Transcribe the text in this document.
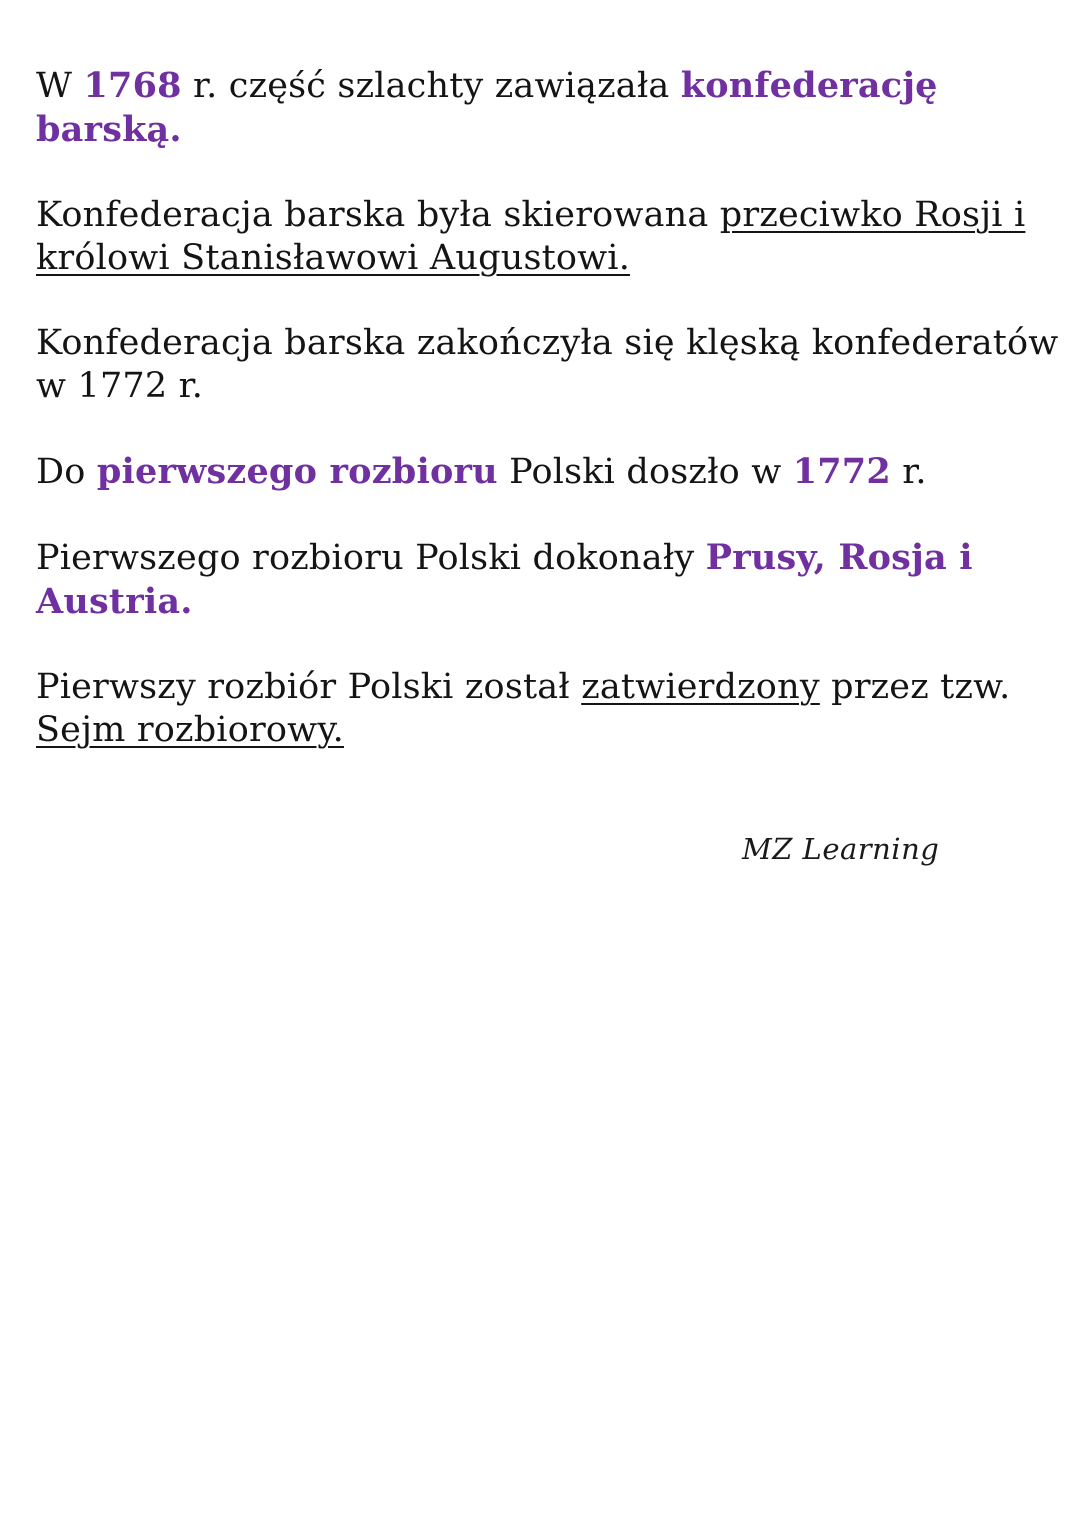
W 1768 r. część szlachty zawiązała konfederację barską.

Konfederacja barska była skierowana przeciwko Rosji i królowi Stanisławowi Augustowi.

Konfederacja barska zakończyła się klęską konfederatów w 1772 r.

Do pierwszego rozbioru Polski doszło w 1772 r.

Pierwszego rozbioru Polski dokonały Prusy, Rosja i Austria.

Pierwszy rozbiór Polski został zatwierdzony przez tzw. Sejm rozbiorowy.

MZ Learning
